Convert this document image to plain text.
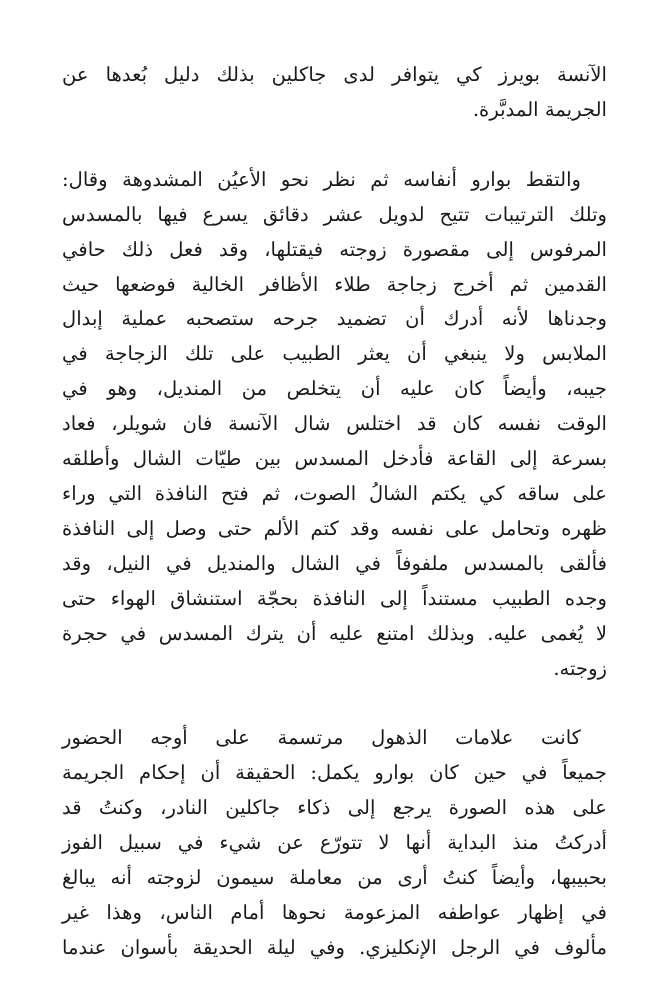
الآنسة بويرز كي يتوافر لدى جاكلين بذلك دليل بُعدها عن
الجريمة المدبَّرة.

والتقط بوارو أنفاسه ثم نظر نحو الأعيُن المشدوهة وقال:
وتلك الترتيبات تتيح لدويل عشر دقائق يسرع فيها بالمسدس
المرفوس إلى مقصورة زوجته فيقتلها، وقد فعل ذلك حافي
القدمين ثم أخرج زجاجة طلاء الأظافر الخالية فوضعها حيث
وجدناها لأنه أدرك أن تضميد جرحه ستصحبه عملية إبدال
الملابس ولا ينبغي أن يعثر الطبيب على تلك الزجاجة في
جيبه، وأيضاً كان عليه أن يتخلص من المنديل، وهو في
الوقت نفسه كان قد اختلس شال الآنسة فان شويلر، فعاد
بسرعة إلى القاعة فأدخل المسدس بين طيّات الشال وأطلقه
على ساقه كي يكتم الشالُ الصوت، ثم فتح النافذة التي وراء
ظهره وتحامل على نفسه وقد كتم الألم حتى وصل إلى النافذة
فألقى بالمسدس ملفوفاً في الشال والمنديل في النيل، وقد
وجده الطبيب مستنداً إلى النافذة بحجّة استنشاق الهواء حتى
لا يُغمى عليه. وبذلك امتنع عليه أن يترك المسدس في حجرة
زوجته.

كانت علامات الذهول مرتسمة على أوجه الحضور
جميعاً في حين كان بوارو يكمل: الحقيقة أن إحكام الجريمة
على هذه الصورة يرجع إلى ذكاء جاكلين النادر، وكنتُ قد
أدركتُ منذ البداية أنها لا تتورّع عن شيء في سبيل الفوز
بحبيبها، وأيضاً كنتُ أرى من معاملة سيمون لزوجته أنه يبالغ
في إظهار عواطفه المزعومة نحوها أمام الناس، وهذا غير
مألوف في الرجل الإنكليزي. وفي ليلة الحديقة بأسوان عندما
